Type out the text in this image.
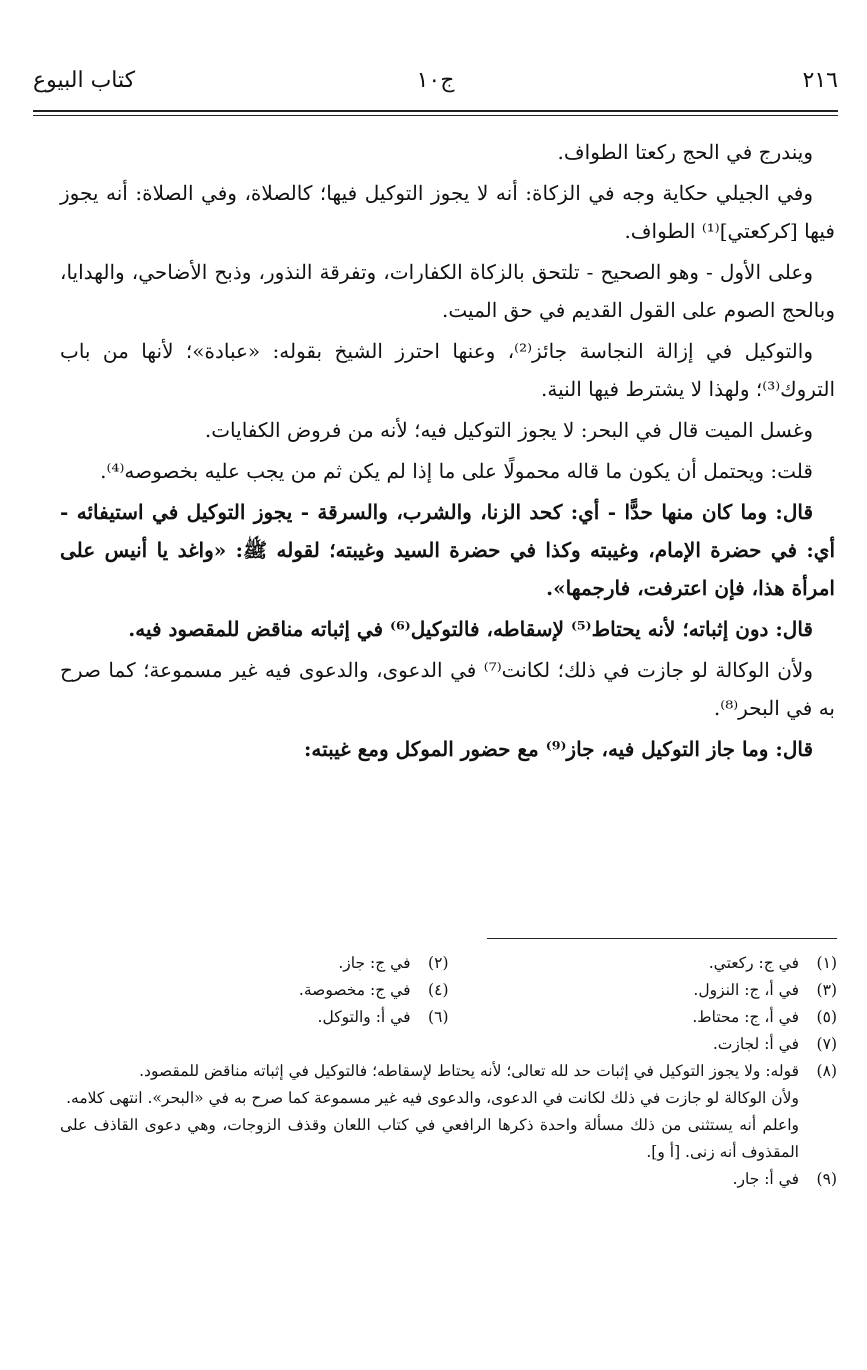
٢١٦
ج١٠
كتاب البيوع

ويندرج في الحج ركعتا الطواف.

وفي الجيلي حكاية وجه في الزكاة: أنه لا يجوز التوكيل فيها؛ كالصلاة، وفي الصلاة: أنه يجوز فيها [كركعتي]⁽¹⁾ الطواف.

وعلى الأول - وهو الصحيح - تلتحق بالزكاة الكفارات، وتفرقة النذور، وذبح الأضاحي، والهدايا، وبالحج الصوم على القول القديم في حق الميت.

والتوكيل في إزالة النجاسة جائز⁽²⁾، وعنها احترز الشيخ بقوله: «عبادة»؛ لأنها من باب التروك⁽³⁾؛ ولهذا لا يشترط فيها النية.

وغسل الميت قال في البحر: لا يجوز التوكيل فيه؛ لأنه من فروض الكفايات.

قلت: ويحتمل أن يكون ما قاله محمولًا على ما إذا لم يكن ثم من يجب عليه بخصوصه⁽⁴⁾.

قال: وما كان منها حدًّا - أي: كحد الزنا، والشرب، والسرقة - يجوز التوكيل في استيفائه - أي: في حضرة الإمام، وغيبته وكذا في حضرة السيد وغيبته؛ لقوله ﷺ: «واغد يا أنيس على امرأة هذا، فإن اعترفت، فارجمها».

قال: دون إثباته؛ لأنه يحتاط⁽⁵⁾ لإسقاطه، فالتوكيل⁽⁶⁾ في إثباته مناقض للمقصود فيه.

ولأن الوكالة لو جازت في ذلك؛ لكانت⁽⁷⁾ في الدعوى، والدعوى فيه غير مسموعة؛ كما صرح به في البحر⁽⁸⁾.

قال: وما جاز التوكيل فيه، جاز⁽⁹⁾ مع حضور الموكل ومع غيبته:

(١)
في ج: ركعتي.
(٢)
في ج: جاز.
(٣)
في أ، ج: النزول.
(٤)
في ج: مخصوصة.
(٥)
في أ، ج: محتاط.
(٦)
في أ: والتوكل.
(٧)
في أ: لجازت.
(٨)
قوله: ولا يجوز التوكيل في إثبات حد لله تعالى؛ لأنه يحتاط لإسقاطه؛ فالتوكيل في إثباته مناقض للمقصود.
ولأن الوكالة لو جازت في ذلك لكانت في الدعوى، والدعوى فيه غير مسموعة كما صرح به في «البحر». انتهى كلامه.
واعلم أنه يستثنى من ذلك مسألة واحدة ذكرها الرافعي في كتاب اللعان وقذف الزوجات، وهي دعوى القاذف على المقذوف أنه زنى. [أ و].
(٩)
في أ: جار.
